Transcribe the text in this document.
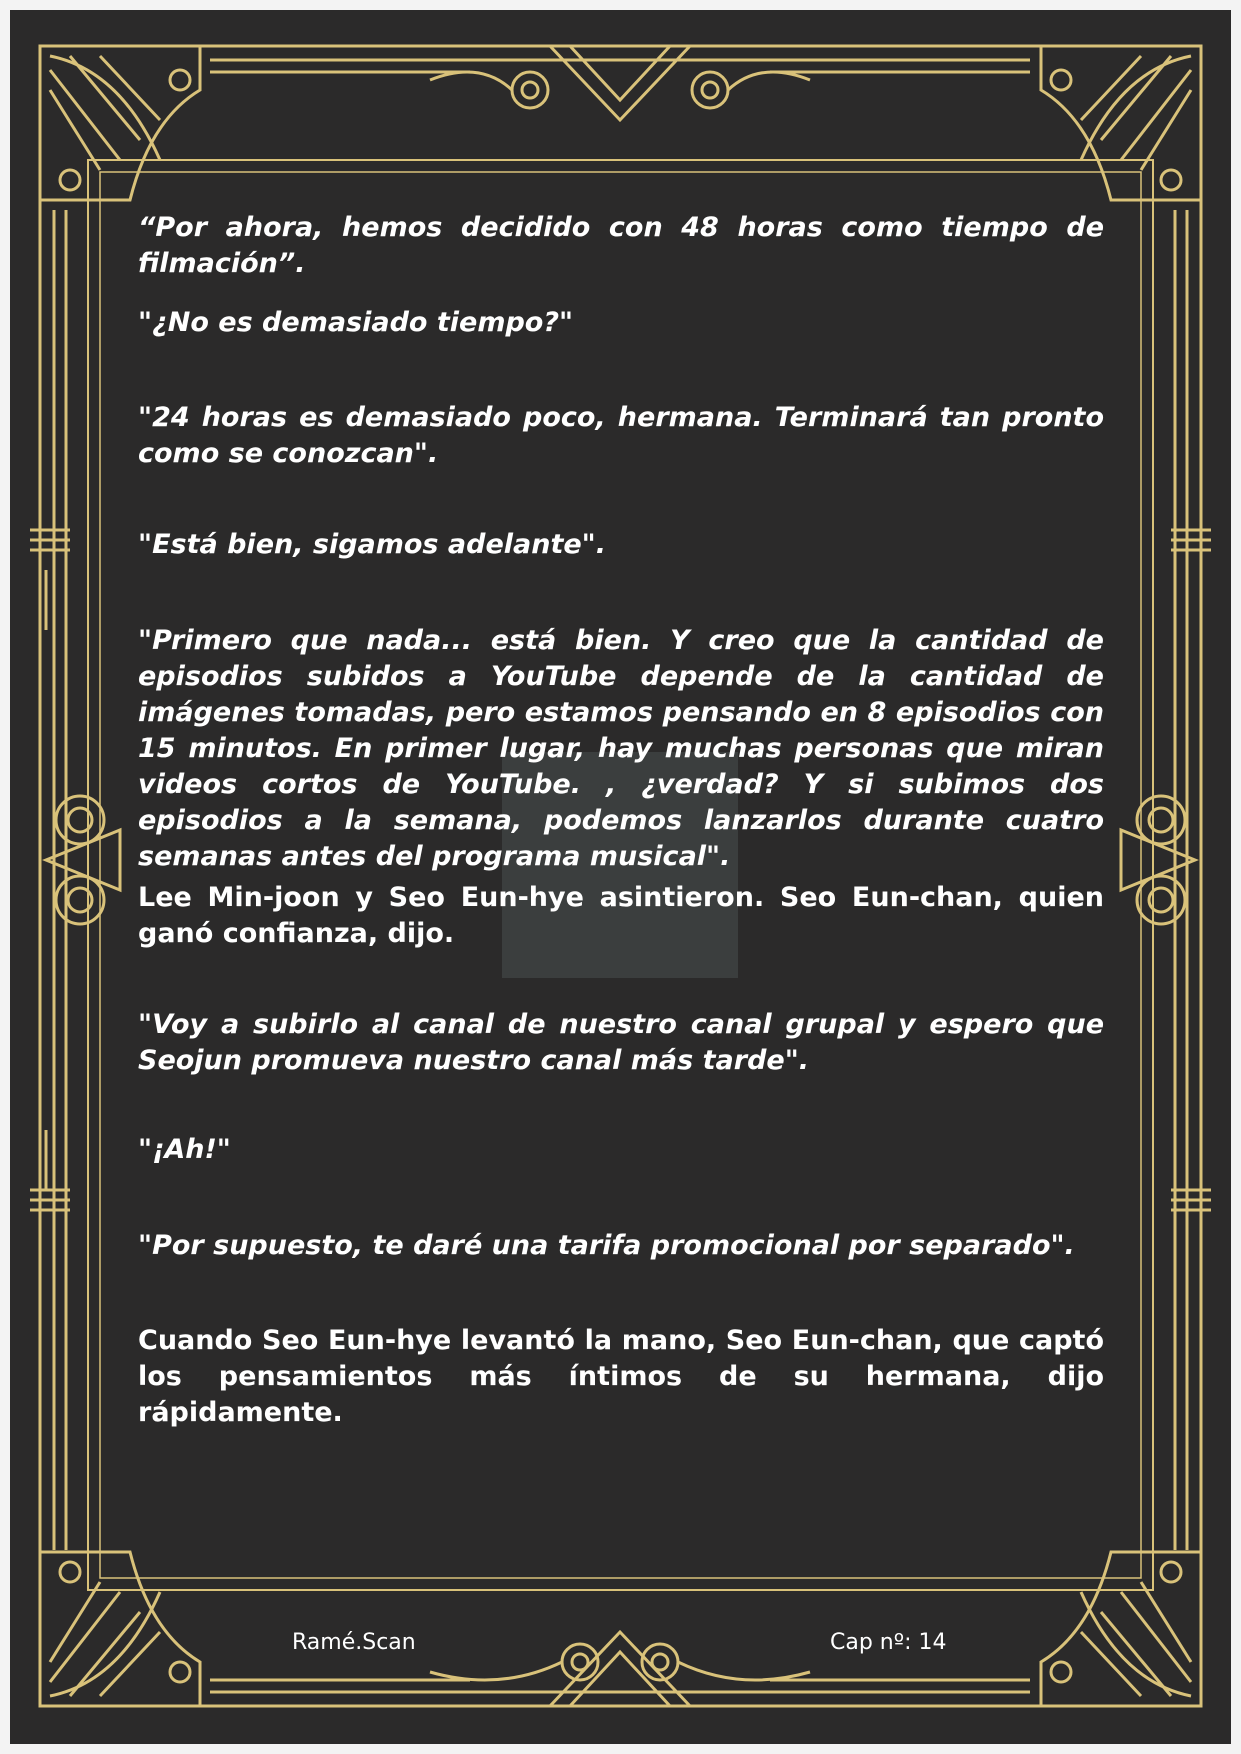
“Por ahora, hemos decidido con 48 horas como tiempo de filmación”.

"¿No es demasiado tiempo?"

"24 horas es demasiado poco, hermana. Terminará tan pronto como se conozcan".

"Está bien, sigamos adelante".

"Primero que nada... está bien. Y creo que la cantidad de episodios subidos a YouTube depende de la cantidad de imágenes tomadas, pero estamos pensando en 8 episodios con 15 minutos. En primer lugar, hay muchas personas que miran videos cortos de YouTube. , ¿verdad? Y si subimos dos episodios a la semana, podemos lanzarlos durante cuatro semanas antes del programa musical".

Lee Min-joon y Seo Eun-hye asintieron. Seo Eun-chan, quien ganó confianza, dijo.

"Voy a subirlo al canal de nuestro canal grupal y espero que Seojun promueva nuestro canal más tarde".

"¡Ah!"

"Por supuesto, te daré una tarifa promocional por separado".

Cuando Seo Eun-hye levantó la mano, Seo Eun-chan, que captó los pensamientos más íntimos de su hermana, dijo rápidamente.

Ramé.Scan	Cap nº: 14
